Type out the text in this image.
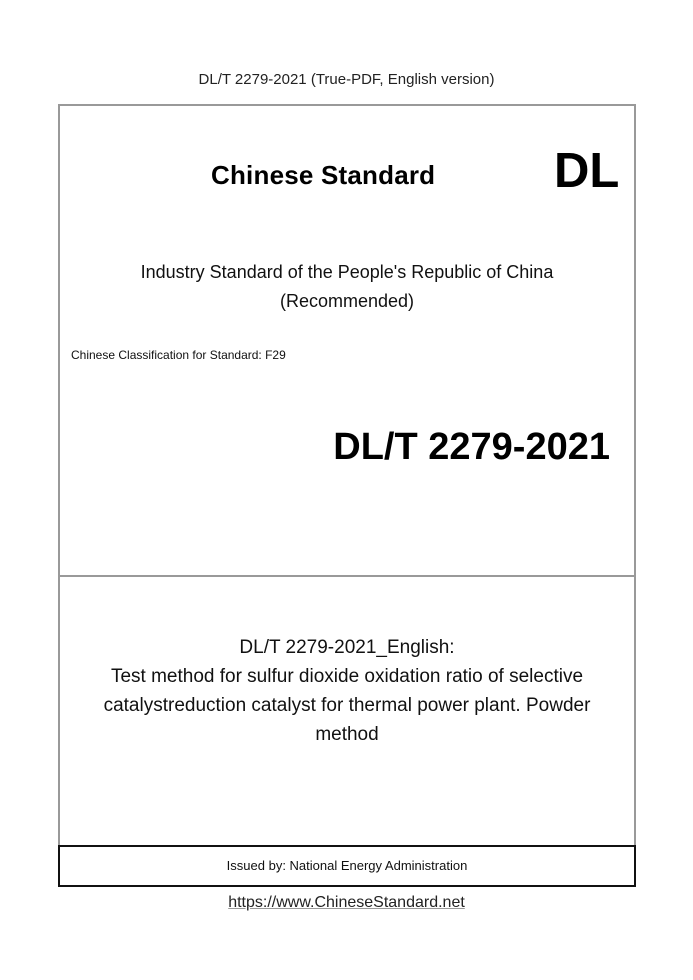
DL/T 2279-2021 (True-PDF, English version)
Chinese Standard DL
Industry Standard of the People's Republic of China
(Recommended)
Chinese Classification for Standard: F29
DL/T 2279-2021
DL/T 2279-2021_English:
Test method for sulfur dioxide oxidation ratio of selective
catalystreduction catalyst for thermal power plant. Powder
method
Issued by: National Energy Administration
https://www.ChineseStandard.net
